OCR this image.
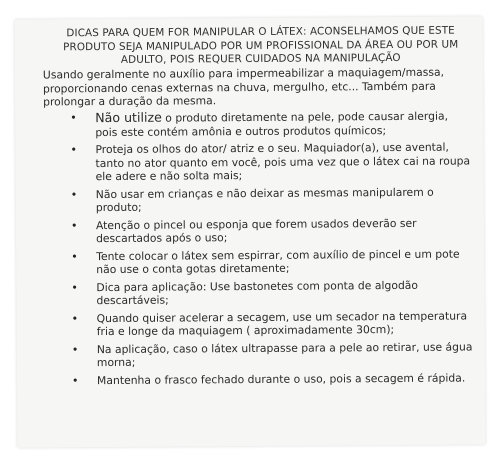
DICAS PARA QUEM FOR MANIPULAR O LÁTEX: ACONSELHAMOS QUE ESTE
PRODUTO SEJA MANIPULADO POR UM PROFISSIONAL DA ÁREA OU POR UM
ADULTO, POIS REQUER CUIDADOS NA MANIPULAÇÃO
Usando geralmente no auxílio para impermeabilizar a maquiagem/massa,
proporcionando cenas externas na chuva, mergulho, etc... Também para
prolongar a duração da mesma.
• Não utilize o produto diretamente na pele, pode causar alergia,
pois este contém amônia e outros produtos químicos;
• Proteja os olhos do ator/ atriz e o seu. Maquiador(a), use avental,
tanto no ator quanto em você, pois uma vez que o látex cai na roupa
ele adere e não solta mais;
• Não usar em crianças e não deixar as mesmas manipularem o
produto;
• Atenção o pincel ou esponja que forem usados deverão ser
descartados após o uso;
• Tente colocar o látex sem espirrar, com auxílio de pincel e um pote
não use o conta gotas diretamente;
• Dica para aplicação: Use bastonetes com ponta de algodão
descartáveis;
• Quando quiser acelerar a secagem, use um secador na temperatura
fria e longe da maquiagem ( aproximadamente 30cm);
• Na aplicação, caso o látex ultrapasse para a pele ao retirar, use água
morna;
• Mantenha o frasco fechado durante o uso, pois a secagem é rápida.
